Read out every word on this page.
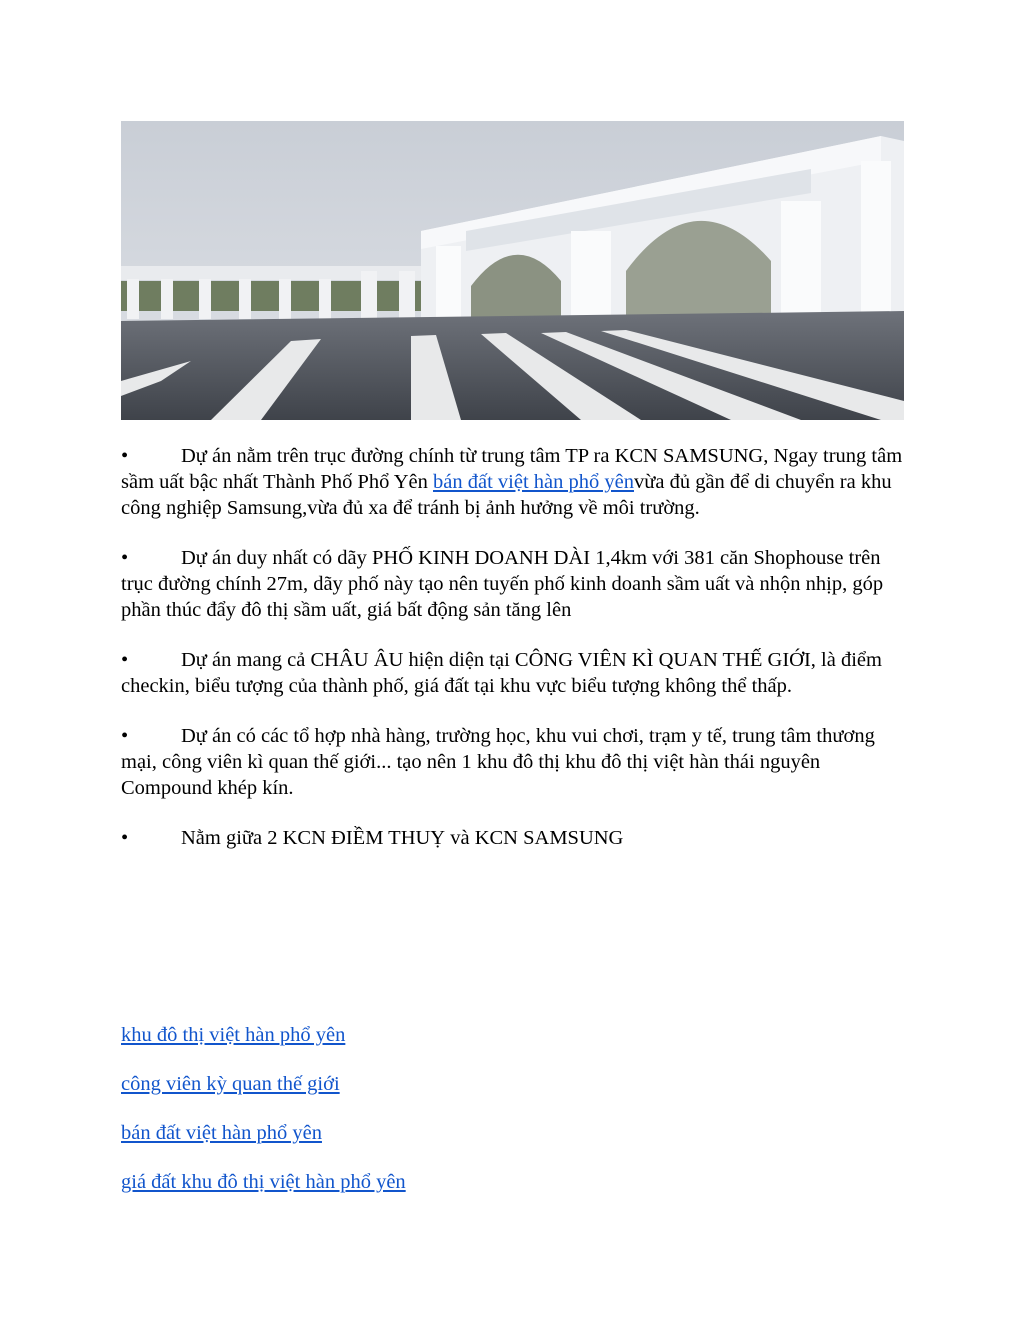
•	Dự án nằm trên trục đường chính từ trung tâm TP ra KCN SAMSUNG, Ngay trung tâm sầm uất bậc nhất Thành Phố Phổ Yên bán đất việt hàn phổ yênvừa đủ gần để di chuyển ra khu công nghiệp Samsung,vừa đủ xa để tránh bị ảnh hưởng về môi trường.

•	Dự án duy nhất có dãy PHỐ KINH DOANH DÀI 1,4km với 381 căn Shophouse trên trục đường chính 27m, dãy phố này tạo nên tuyến phố kinh doanh sầm uất và nhộn nhịp, góp phần thúc đẩy đô thị sầm uất, giá bất động sản tăng lên

•	Dự án mang cả CHÂU ÂU hiện diện tại CÔNG VIÊN KÌ QUAN THẾ GIỚI, là điểm checkin, biểu tượng của thành phố, giá đất tại khu vực biểu tượng không thể thấp.

•	Dự án có các tổ hợp nhà hàng, trường học, khu vui chơi, trạm y tế, trung tâm thương mại, công viên kì quan thế giới... tạo nên 1 khu đô thị khu đô thị việt hàn thái nguyên Compound khép kín.

•	Nằm giữa 2 KCN ĐIỀM THUỴ và KCN SAMSUNG

khu đô thị việt hàn phổ yên

công viên kỳ quan thế giới

bán đất việt hàn phổ yên

giá đất khu đô thị việt hàn phổ yên
